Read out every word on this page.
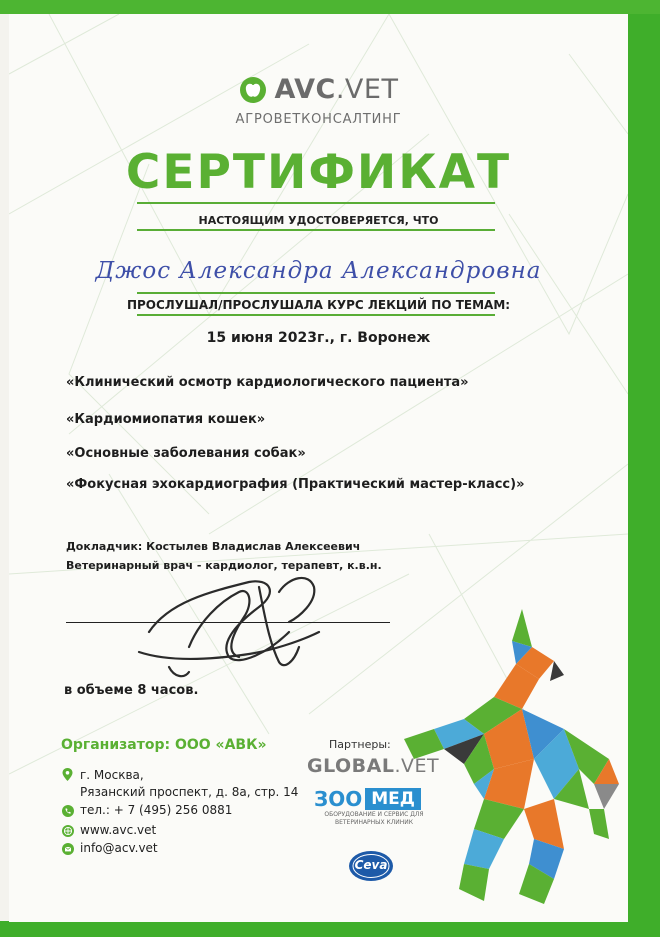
AVC.VET
АГРОВЕТКОНСАЛТИНГ
СЕРТИФИКАТ
НАСТОЯЩИМ УДОСТОВЕРЯЕТСЯ, ЧТО
Джос Александра Александровна
ПРОСЛУШАЛ/ПРОСЛУШАЛА КУРС ЛЕКЦИЙ ПО ТЕМАМ:
15 июня 2023г., г. Воронеж
«Клинический осмотр кардиологического пациента»
«Кардиомиопатия кошек»
«Основные заболевания собак»
«Фокусная эхокардиография (Практический мастер-класс)»
Докладчик: Костылев Владислав Алексеевич
Ветеринарный врач - кардиолог, терапевт, к.в.н.
в объеме 8 часов.
Организатор: ООО «АВК»
г. Москва,
Рязанский проспект, д. 8а, стр. 14
тел.: + 7 (495) 256 0881
www.avc.vet
info@acv.vet
Партнеры:
GLOBAL.VET
ЗОО МЕД
ОБОРУДОВАНИЕ И СЕРВИС ДЛЯ ВЕТЕРИНАРНЫХ КЛИНИК
Ceva
